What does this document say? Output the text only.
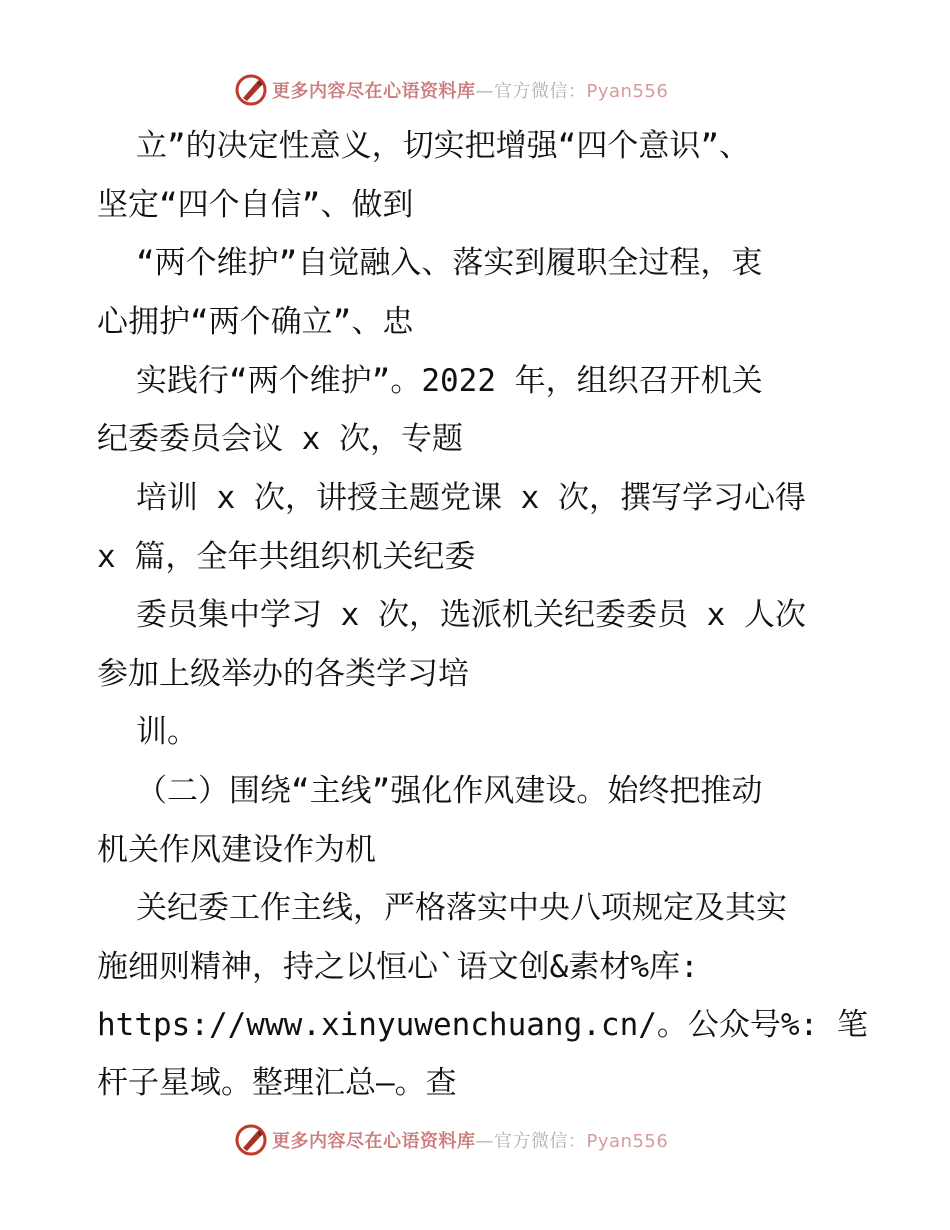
更多内容尽在心语资料库—官方微信：Pyan556
立”的决定性意义，切实把增强“四个意识”、
坚定“四个自信”、做到
“两个维护”自觉融入、落实到履职全过程，衷
心拥护“两个确立”、忠
实践行“两个维护”。2022 年，组织召开机关
纪委委员会议 x 次，专题
培训 x 次，讲授主题党课 x 次，撰写学习心得
x 篇，全年共组织机关纪委
委员集中学习 x 次，选派机关纪委委员 x 人次
参加上级举办的各类学习培
训。
（二）围绕“主线”强化作风建设。始终把推动
机关作风建设作为机
关纪委工作主线，严格落实中央八项规定及其实
施细则精神，持之以恒心`语文创&素材%库:
https://www.xinyuwenchuang.cn/。公众号%: 笔
杆子星域。整理汇总—。查
更多内容尽在心语资料库—官方微信：Pyan556
